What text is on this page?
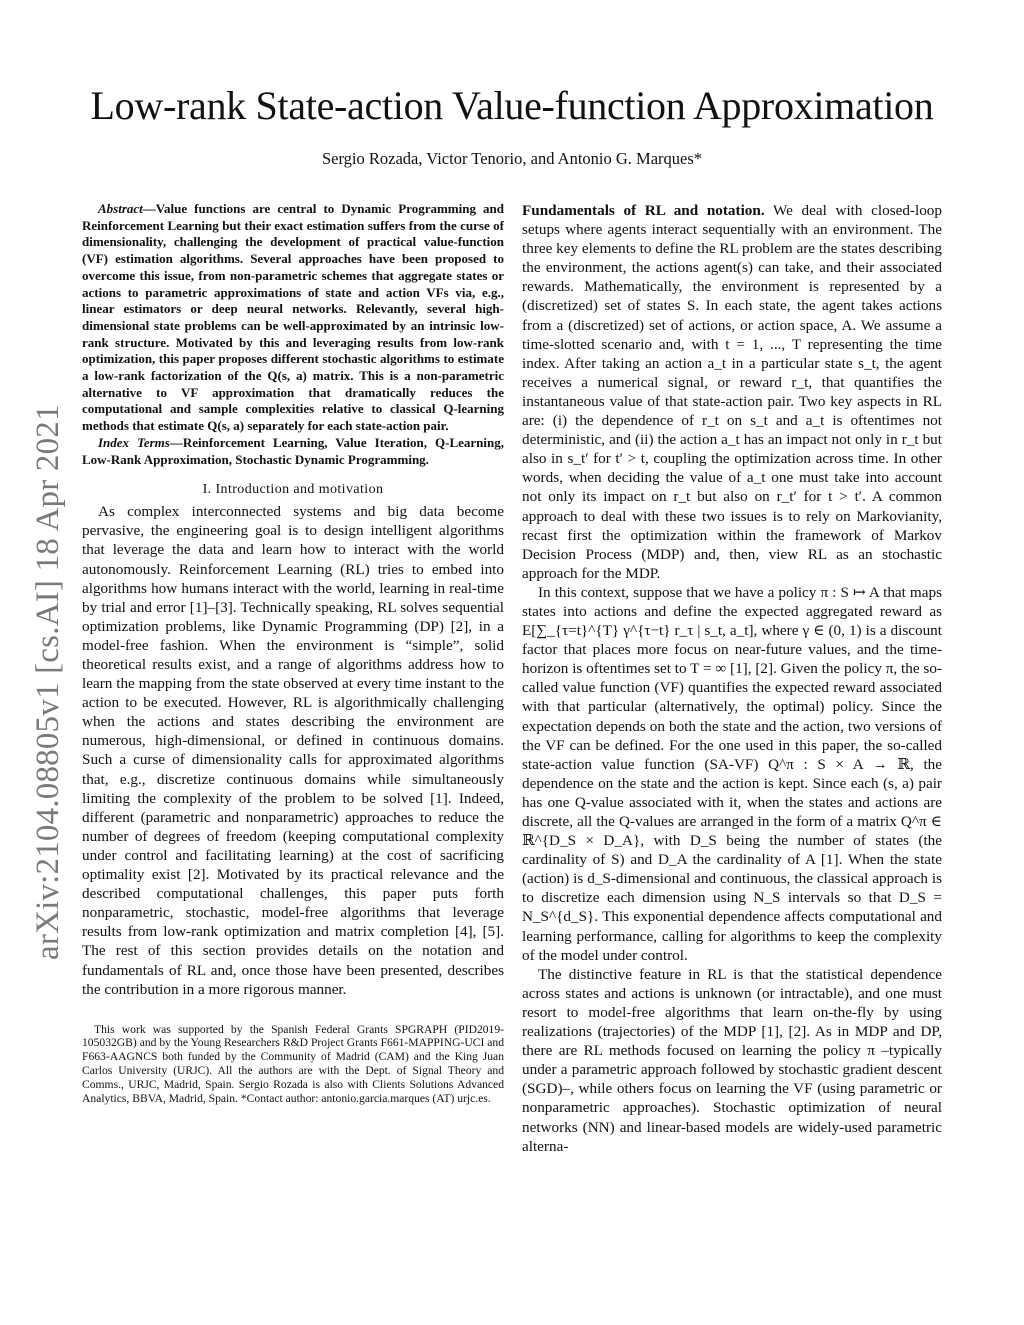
arXiv:2104.08805v1 [cs.AI] 18 Apr 2021
Low-rank State-action Value-function Approximation
Sergio Rozada, Victor Tenorio, and Antonio G. Marques*

Abstract—Value functions are central to Dynamic Programming and Reinforcement Learning but their exact estimation suffers from the curse of dimensionality, challenging the development of practical value-function (VF) estimation algorithms. Several approaches have been proposed to overcome this issue, from non-parametric schemes that aggregate states or actions to parametric approximations of state and action VFs via, e.g., linear estimators or deep neural networks. Relevantly, several high-dimensional state problems can be well-approximated by an intrinsic low-rank structure. Motivated by this and leveraging results from low-rank optimization, this paper proposes different stochastic algorithms to estimate a low-rank factorization of the Q(s, a) matrix. This is a non-parametric alternative to VF approximation that dramatically reduces the computational and sample complexities relative to classical Q-learning methods that estimate Q(s, a) separately for each state-action pair.

Index Terms—Reinforcement Learning, Value Iteration, Q-Learning, Low-Rank Approximation, Stochastic Dynamic Programming.

I. Introduction and motivation

As complex interconnected systems and big data become pervasive, the engineering goal is to design intelligent algorithms that leverage the data and learn how to interact with the world autonomously. Reinforcement Learning (RL) tries to embed into algorithms how humans interact with the world, learning in real-time by trial and error [1]–[3]. Technically speaking, RL solves sequential optimization problems, like Dynamic Programming (DP) [2], in a model-free fashion. When the environment is “simple”, solid theoretical results exist, and a range of algorithms address how to learn the mapping from the state observed at every time instant to the action to be executed. However, RL is algorithmically challenging when the actions and states describing the environment are numerous, high-dimensional, or defined in continuous domains. Such a curse of dimensionality calls for approximated algorithms that, e.g., discretize continuous domains while simultaneously limiting the complexity of the problem to be solved [1]. Indeed, different (parametric and nonparametric) approaches to reduce the number of degrees of freedom (keeping computational complexity under control and facilitating learning) at the cost of sacrificing optimality exist [2]. Motivated by its practical relevance and the described computational challenges, this paper puts forth nonparametric, stochastic, model-free algorithms that leverage results from low-rank optimization and matrix completion [4], [5]. The rest of this section provides details on the notation and fundamentals of RL and, once those have been presented, describes the contribution in a more rigorous manner.

This work was supported by the Spanish Federal Grants SPGRAPH (PID2019-105032GB) and by the Young Researchers R&D Project Grants F661-MAPPING-UCI and F663-AAGNCS both funded by the Community of Madrid (CAM) and the King Juan Carlos University (URJC). All the authors are with the Dept. of Signal Theory and Comms., URJC, Madrid, Spain. Sergio Rozada is also with Clients Solutions Advanced Analytics, BBVA, Madrid, Spain. *Contact author: antonio.garcia.marques (AT) urjc.es.

Fundamentals of RL and notation. We deal with closed-loop setups where agents interact sequentially with an environment. The three key elements to define the RL problem are the states describing the environment, the actions agent(s) can take, and their associated rewards. Mathematically, the environment is represented by a (discretized) set of states S. In each state, the agent takes actions from a (discretized) set of actions, or action space, A. We assume a time-slotted scenario and, with t = 1, ..., T representing the time index. After taking an action a_t in a particular state s_t, the agent receives a numerical signal, or reward r_t, that quantifies the instantaneous value of that state-action pair. Two key aspects in RL are: (i) the dependence of r_t on s_t and a_t is oftentimes not deterministic, and (ii) the action a_t has an impact not only in r_t but also in s_t′ for t′ > t, coupling the optimization across time. In other words, when deciding the value of a_t one must take into account not only its impact on r_t but also on r_t′ for t > t′. A common approach to deal with these two issues is to rely on Markovianity, recast first the optimization within the framework of Markov Decision Process (MDP) and, then, view RL as an stochastic approach for the MDP.

In this context, suppose that we have a policy π : S ↦ A that maps states into actions and define the expected aggregated reward as E[∑_{τ=t}^{T} γ^{τ−t} r_τ | s_t, a_t], where γ ∈ (0, 1) is a discount factor that places more focus on near-future values, and the time-horizon is oftentimes set to T = ∞ [1], [2]. Given the policy π, the so-called value function (VF) quantifies the expected reward associated with that particular (alternatively, the optimal) policy. Since the expectation depends on both the state and the action, two versions of the VF can be defined. For the one used in this paper, the so-called state-action value function (SA-VF) Q^π : S × A → ℝ, the dependence on the state and the action is kept. Since each (s, a) pair has one Q-value associated with it, when the states and actions are discrete, all the Q-values are arranged in the form of a matrix Q^π ∈ ℝ^{D_S × D_A}, with D_S being the number of states (the cardinality of S) and D_A the cardinality of A [1]. When the state (action) is d_S-dimensional and continuous, the classical approach is to discretize each dimension using N_S intervals so that D_S = N_S^{d_S}. This exponential dependence affects computational and learning performance, calling for algorithms to keep the complexity of the model under control.

The distinctive feature in RL is that the statistical dependence across states and actions is unknown (or intractable), and one must resort to model-free algorithms that learn on-the-fly by using realizations (trajectories) of the MDP [1], [2]. As in MDP and DP, there are RL methods focused on learning the policy π –typically under a parametric approach followed by stochastic gradient descent (SGD)–, while others focus on learning the VF (using parametric or nonparametric approaches). Stochastic optimization of neural networks (NN) and linear-based models are widely-used parametric alterna-
